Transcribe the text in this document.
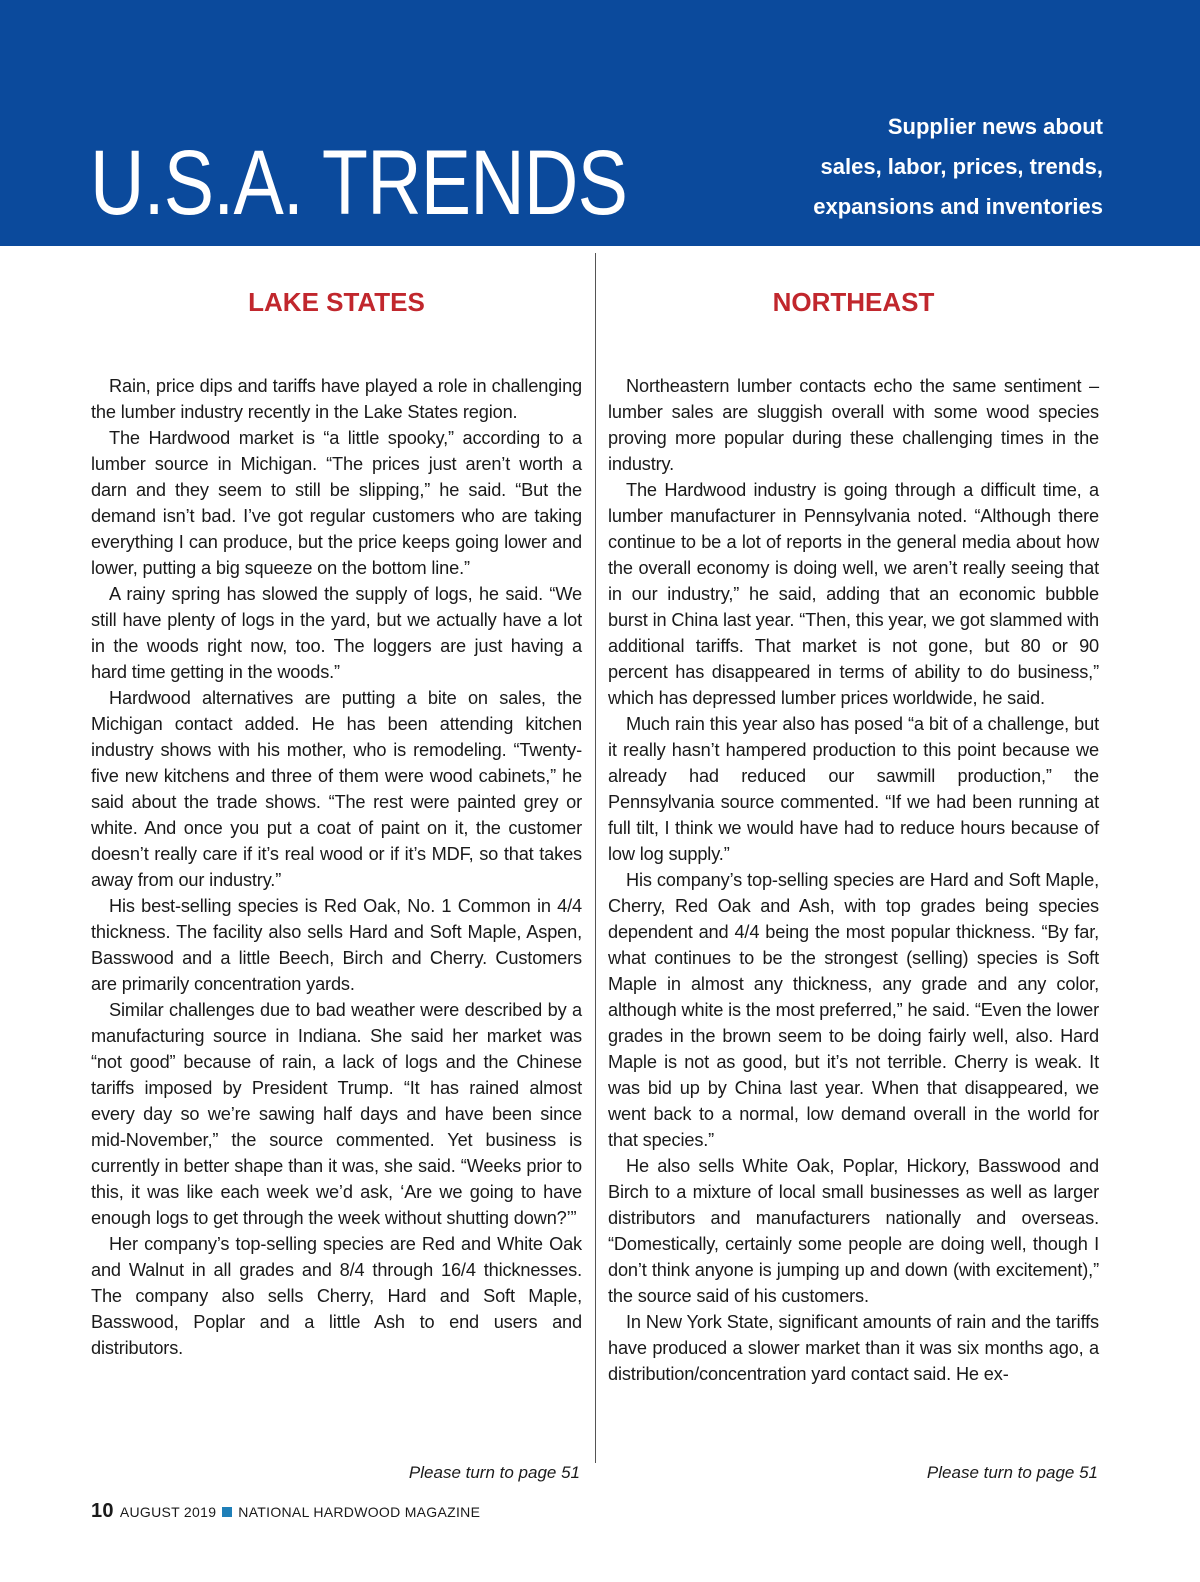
U.S.A. TRENDS
Supplier news about
sales, labor, prices, trends,
expansions and inventories
LAKE STATES

Rain, price dips and tariffs have played a role in challenging the lumber industry recently in the Lake States region.

The Hardwood market is “a little spooky,” according to a lumber source in Michigan. “The prices just aren’t worth a darn and they seem to still be slipping,” he said. “But the demand isn’t bad. I’ve got regular customers who are taking everything I can produce, but the price keeps going lower and lower, putting a big squeeze on the bottom line.”

A rainy spring has slowed the supply of logs, he said. “We still have plenty of logs in the yard, but we actually have a lot in the woods right now, too. The loggers are just having a hard time getting in the woods.”

Hardwood alternatives are putting a bite on sales, the Michigan contact added. He has been attending kitchen industry shows with his mother, who is remodeling. “Twenty-five new kitchens and three of them were wood cabinets,” he said about the trade shows. “The rest were painted grey or white. And once you put a coat of paint on it, the customer doesn’t really care if it’s real wood or if it’s MDF, so that takes away from our industry.”

His best-selling species is Red Oak, No. 1 Common in 4/4 thickness. The facility also sells Hard and Soft Maple, Aspen, Basswood and a little Beech, Birch and Cherry. Customers are primarily concentration yards.

Similar challenges due to bad weather were described by a manufacturing source in Indiana. She said her market was “not good” because of rain, a lack of logs and the Chinese tariffs imposed by President Trump. “It has rained almost every day so we’re sawing half days and have been since mid-November,” the source commented. Yet business is currently in better shape than it was, she said. “Weeks prior to this, it was like each week we’d ask, ‘Are we going to have enough logs to get through the week without shutting down?’”

Her company’s top-selling species are Red and White Oak and Walnut in all grades and 8/4 through 16/4 thicknesses. The company also sells Cherry, Hard and Soft Maple, Basswood, Poplar and a little Ash to end users and distributors.

NORTHEAST

Northeastern lumber contacts echo the same sentiment – lumber sales are sluggish overall with some wood species proving more popular during these challenging times in the industry.

The Hardwood industry is going through a difficult time, a lumber manufacturer in Pennsylvania noted. “Although there continue to be a lot of reports in the general media about how the overall economy is doing well, we aren’t really seeing that in our industry,” he said, adding that an economic bubble burst in China last year. “Then, this year, we got slammed with additional tariffs. That market is not gone, but 80 or 90 percent has disappeared in terms of ability to do business,” which has depressed lumber prices worldwide, he said.

Much rain this year also has posed “a bit of a challenge, but it really hasn’t hampered production to this point because we already had reduced our sawmill production,” the Pennsylvania source commented. “If we had been running at full tilt, I think we would have had to reduce hours because of low log supply.”

His company’s top-selling species are Hard and Soft Maple, Cherry, Red Oak and Ash, with top grades being species dependent and 4/4 being the most popular thickness. “By far, what continues to be the strongest (selling) species is Soft Maple in almost any thickness, any grade and any color, although white is the most preferred,” he said. “Even the lower grades in the brown seem to be doing fairly well, also. Hard Maple is not as good, but it’s not terrible. Cherry is weak. It was bid up by China last year. When that disappeared, we went back to a normal, low demand overall in the world for that species.”

He also sells White Oak, Poplar, Hickory, Basswood and Birch to a mixture of local small businesses as well as larger distributors and manufacturers nationally and overseas. “Domestically, certainly some people are doing well, though I don’t think anyone is jumping up and down (with excitement),” the source said of his customers.

In New York State, significant amounts of rain and the tariffs have produced a slower market than it was six months ago, a distribution/concentration yard contact said. He ex-

Please turn to page 51	Please turn to page 51
10 AUGUST 2019 NATIONAL HARDWOOD MAGAZINE
